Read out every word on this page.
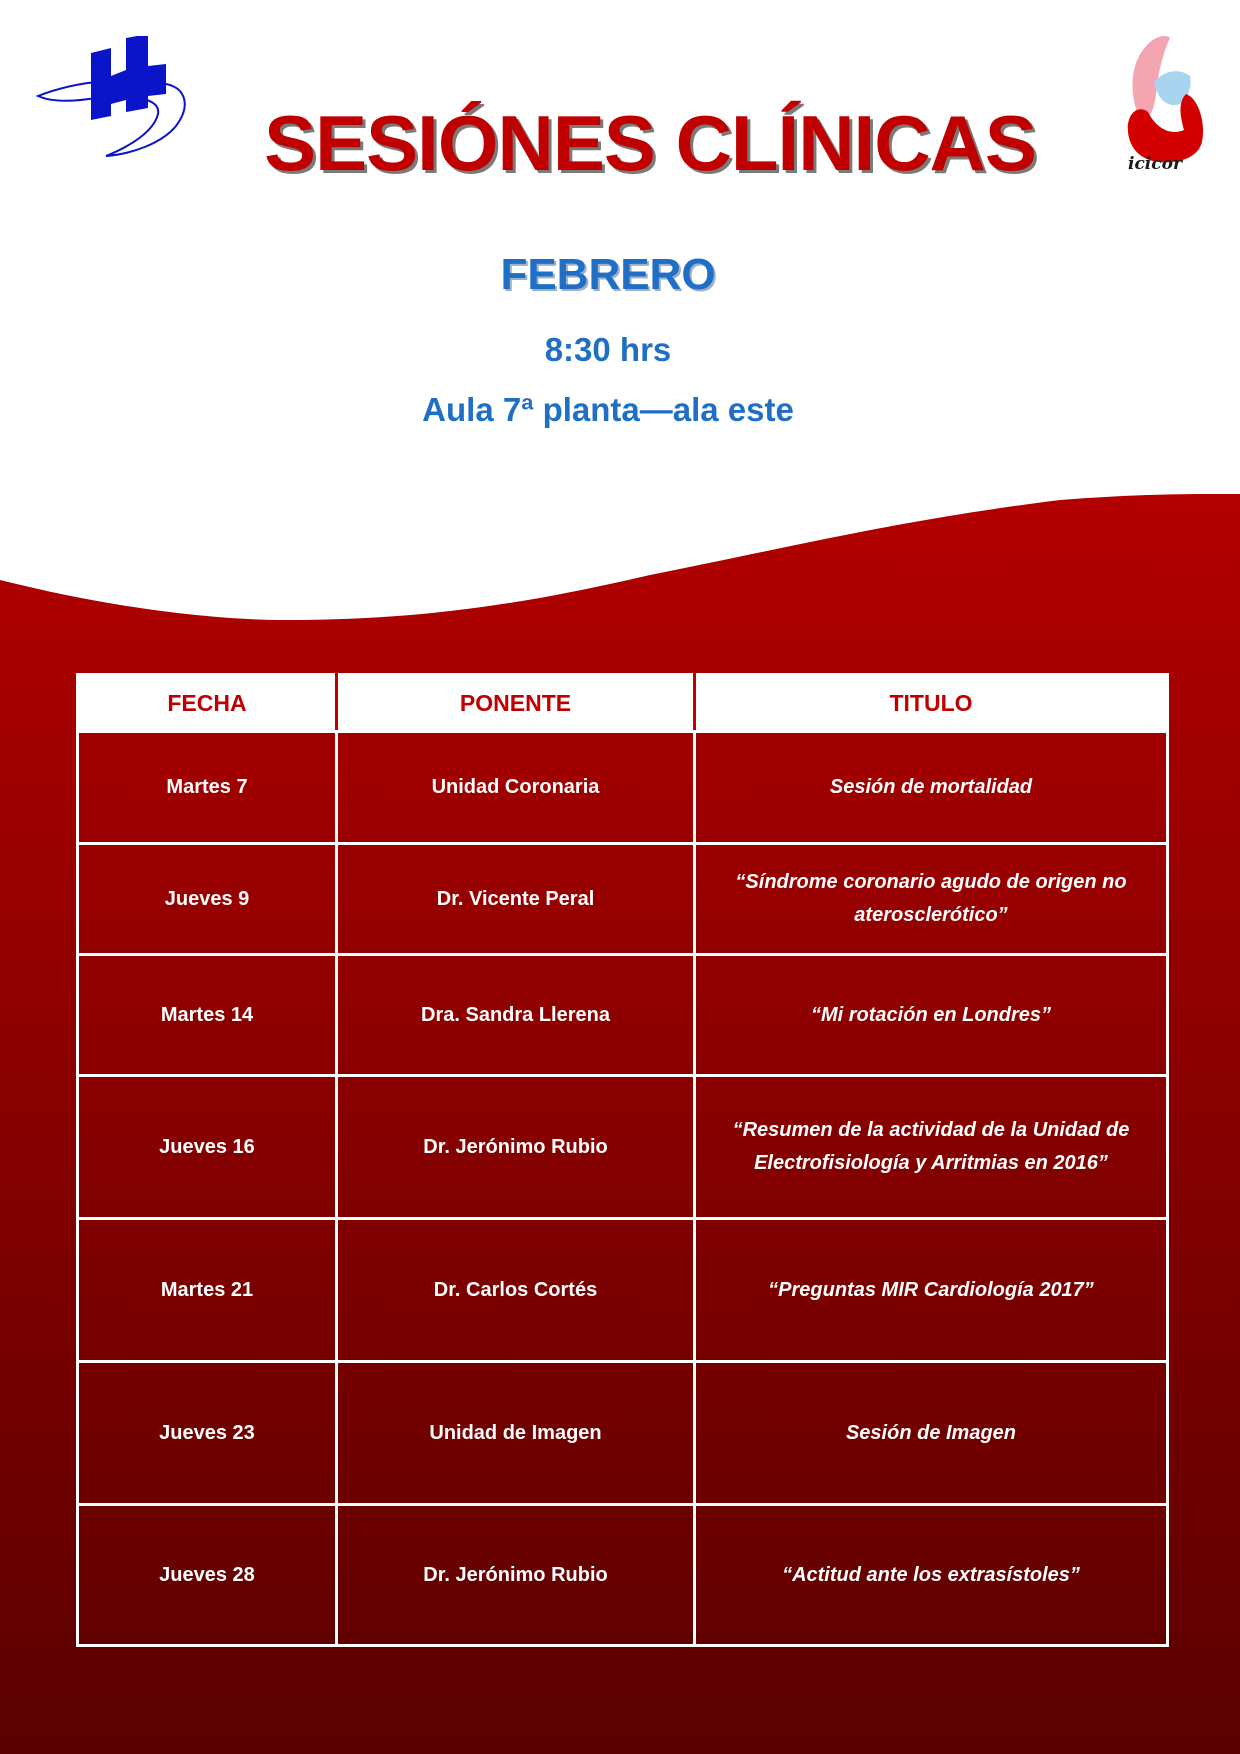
icicor
SESIÓNES CLÍNICAS
FEBRERO
8:30 hrs
Aula 7ª planta—ala este
FECHA	PONENTE	TITULO
Martes 7	Unidad Coronaria	Sesión de mortalidad
Jueves 9	Dr. Vicente Peral	“Síndrome coronario agudo de origen no aterosclerótico”
Martes 14	Dra. Sandra Llerena	“Mi rotación en Londres”
Jueves 16	Dr. Jerónimo Rubio	“Resumen de la actividad de la Unidad de Electrofisiología y Arritmias en 2016”
Martes 21	Dr. Carlos Cortés	“Preguntas MIR Cardiología 2017”
Jueves 23	Unidad de Imagen	Sesión de Imagen
Jueves 28	Dr. Jerónimo Rubio	“Actitud ante los extrasístoles”
